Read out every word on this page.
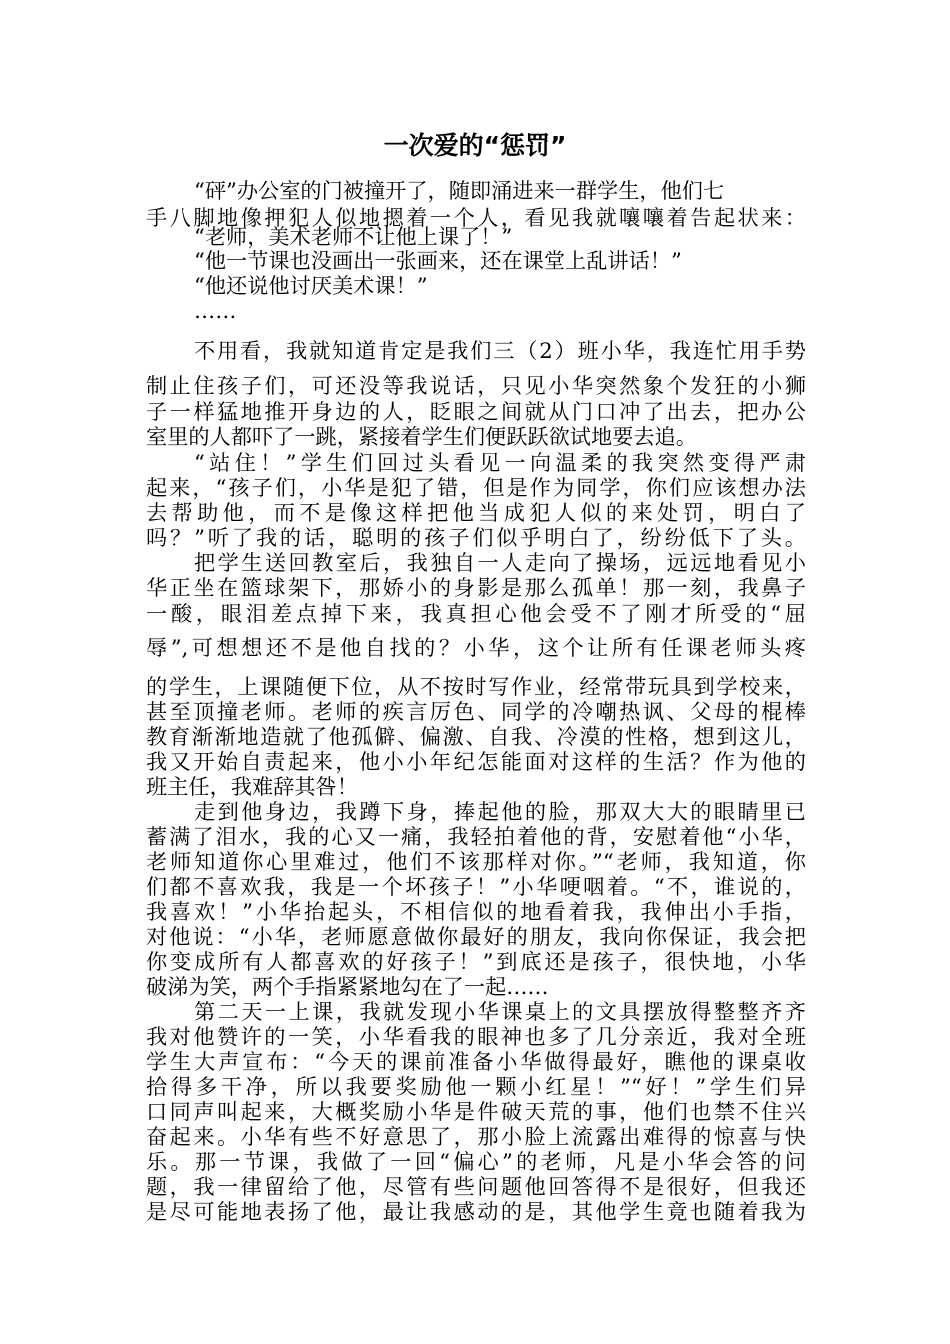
一次爱的“惩罚”

“砰”办公室的门被撞开了，随即涌进来一群学生，他们七

手八脚地像押犯人似地摁着一个人，看见我就嚷嚷着告起状来：

“老师，美术老师不让他上课了！”

“他一节课也没画出一张画来，还在课堂上乱讲话！”

“他还说他讨厌美术课！”

……

不用看，我就知道肯定是我们三（2）班小华，我连忙用手势

制止住孩子们，可还没等我说话，只见小华突然象个发狂的小狮

子一样猛地推开身边的人，眨眼之间就从门口冲了出去，把办公

室里的人都吓了一跳，紧接着学生们便跃跃欲试地要去追。

“站住！”学生们回过头看见一向温柔的我突然变得严肃

起来，“孩子们，小华是犯了错，但是作为同学，你们应该想办法

去帮助他，而不是像这样把他当成犯人似的来处罚，明白了

吗？”听了我的话，聪明的孩子们似乎明白了，纷纷低下了头。

把学生送回教室后，我独自一人走向了操场，远远地看见小

华正坐在篮球架下，那娇小的身影是那么孤单！那一刻，我鼻子

一酸，眼泪差点掉下来，我真担心他会受不了刚才所受的“屈

辱”,可想想还不是他自找的？小华，这个让所有任课老师头疼

的学生，上课随便下位，从不按时写作业，经常带玩具到学校来，

甚至顶撞老师。老师的疾言厉色、同学的冷嘲热讽、父母的棍棒

教育渐渐地造就了他孤僻、偏激、自我、冷漠的性格，想到这儿，

我又开始自责起来，他小小年纪怎能面对这样的生活？作为他的

班主任，我难辞其咎！

走到他身边，我蹲下身，捧起他的脸，那双大大的眼睛里已

蓄满了泪水，我的心又一痛，我轻拍着他的背，安慰着他“小华，

老师知道你心里难过，他们不该那样对你。”“老师，我知道，你

们都不喜欢我，我是一个坏孩子！”小华哽咽着。“不，谁说的，

我喜欢！”小华抬起头，不相信似的地看着我，我伸出小手指，

对他说：“小华，老师愿意做你最好的朋友，我向你保证，我会把

你变成所有人都喜欢的好孩子！”到底还是孩子，很快地，小华

破涕为笑，两个手指紧紧地勾在了一起……

第二天一上课，我就发现小华课桌上的文具摆放得整整齐齐

我对他赞许的一笑，小华看我的眼神也多了几分亲近，我对全班

学生大声宣布：“今天的课前准备小华做得最好，瞧他的课桌收

拾得多干净，所以我要奖励他一颗小红星！”“好！”学生们异

口同声叫起来，大概奖励小华是件破天荒的事，他们也禁不住兴

奋起来。小华有些不好意思了，那小脸上流露出难得的惊喜与快

乐。那一节课，我做了一回“偏心”的老师，凡是小华会答的问

题，我一律留给了他，尽管有些问题他回答得不是很好，但我还

是尽可能地表扬了他，最让我感动的是，其他学生竟也随着我为
